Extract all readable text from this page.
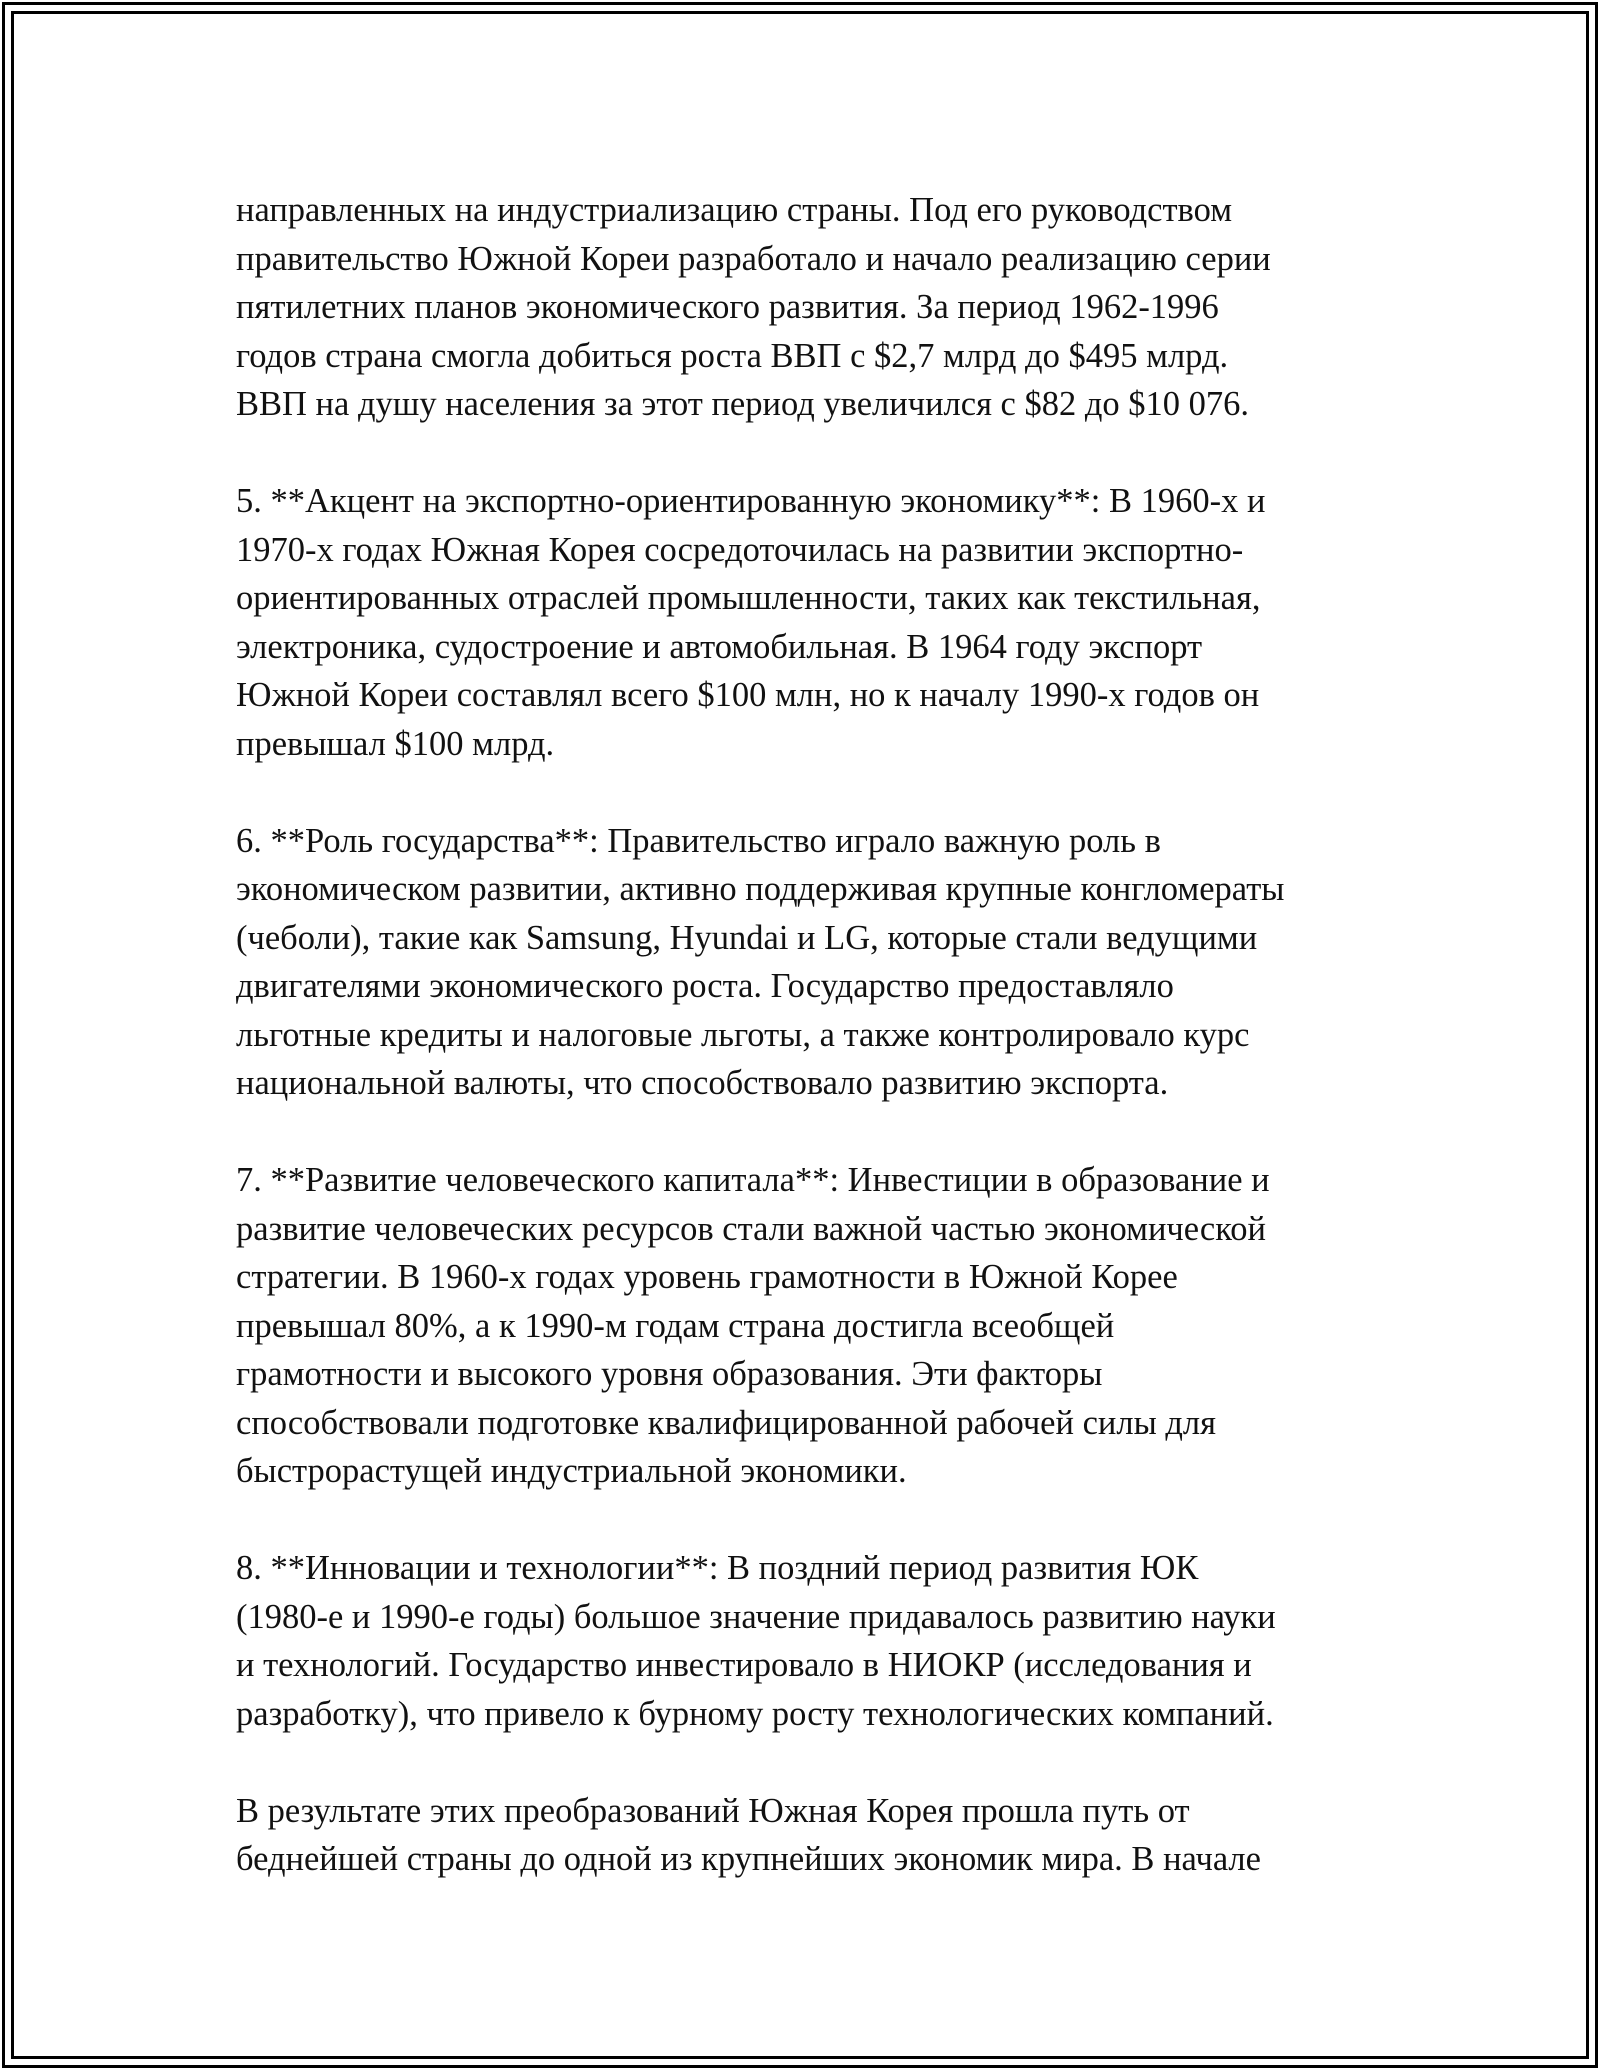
направленных на индустриализацию страны. Под его руководством
правительство Южной Кореи разработало и начало реализацию серии
пятилетних планов экономического развития. За период 1962-1996
годов страна смогла добиться роста ВВП с $2,7 млрд до $495 млрд.
ВВП на душу населения за этот период увеличился с $82 до $10 076.

5. **Акцент на экспортно-ориентированную экономику**: В 1960-х и
1970-х годах Южная Корея сосредоточилась на развитии экспортно-
ориентированных отраслей промышленности, таких как текстильная,
электроника, судостроение и автомобильная. В 1964 году экспорт
Южной Кореи составлял всего $100 млн, но к началу 1990-х годов он
превышал $100 млрд.

6. **Роль государства**: Правительство играло важную роль в
экономическом развитии, активно поддерживая крупные конгломераты
(чеболи), такие как Samsung, Hyundai и LG, которые стали ведущими
двигателями экономического роста. Государство предоставляло
льготные кредиты и налоговые льготы, а также контролировало курс
национальной валюты, что способствовало развитию экспорта.

7. **Развитие человеческого капитала**: Инвестиции в образование и
развитие человеческих ресурсов стали важной частью экономической
стратегии. В 1960-х годах уровень грамотности в Южной Корее
превышал 80%, а к 1990-м годам страна достигла всеобщей
грамотности и высокого уровня образования. Эти факторы
способствовали подготовке квалифицированной рабочей силы для
быстрорастущей индустриальной экономики.

8. **Инновации и технологии**: В поздний период развития ЮК
(1980-е и 1990-е годы) большое значение придавалось развитию науки
и технологий. Государство инвестировало в НИОКР (исследования и
разработку), что привело к бурному росту технологических компаний.

В результате этих преобразований Южная Корея прошла путь от
беднейшей страны до одной из крупнейших экономик мира. В начале
